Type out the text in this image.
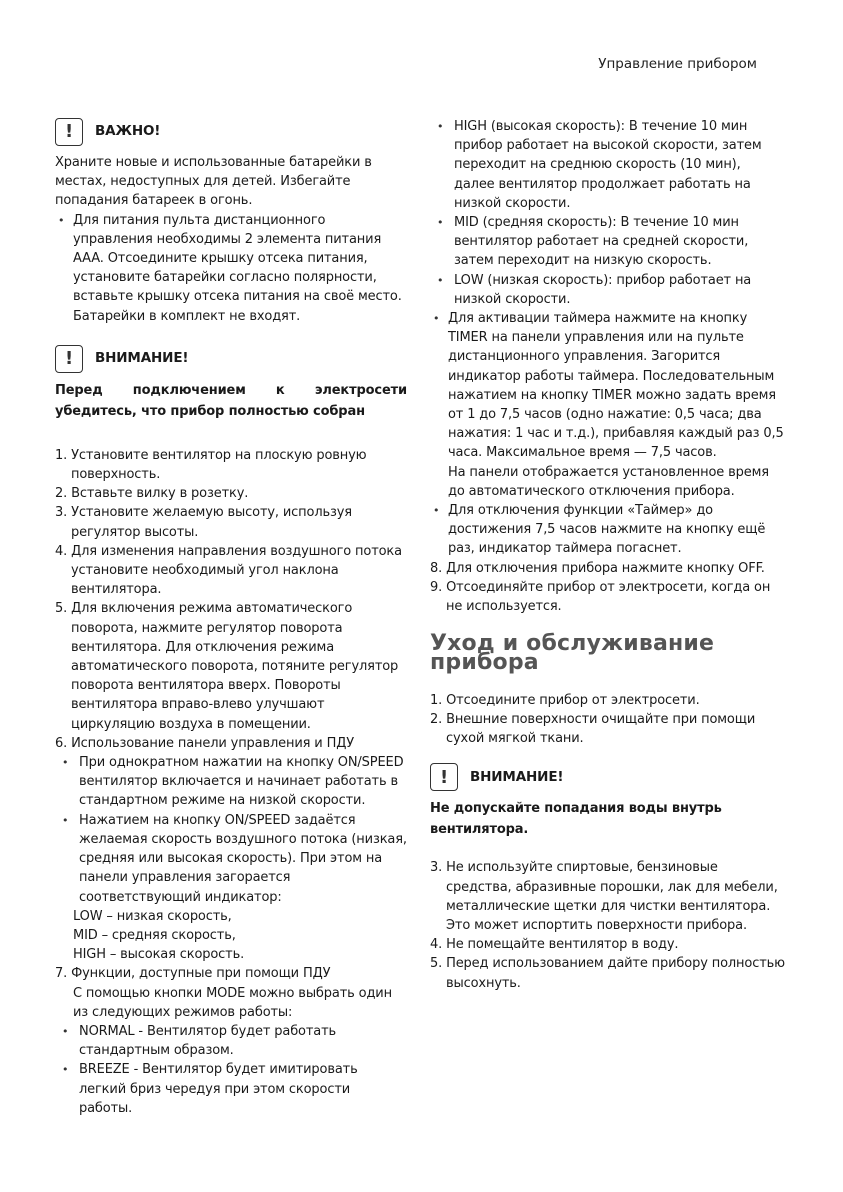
Управление прибором
!	ВАЖНО!

Храните новые и использованные батарейки в местах, недоступных для детей. Избегайте попадания батареек в огонь.

• Для питания пульта дистанционного управления необходимы 2 элемента питания AAA. Отсоедините крышку отсека питания, установите батарейки согласно полярности, вставьте крышку отсека питания на своё место. Батарейки в комплект не входят.

!	ВНИМАНИЕ!

Перед подключением к электросети убедитесь, что прибор полностью собран

1. Установите вентилятор на плоскую ровную поверхность.

2. Вставьте вилку в розетку.

3. Установите желаемую высоту, используя регулятор высоты.

4. Для изменения направления воздушного потока установите необходимый угол наклона вентилятора.

5. Для включения режима автоматического поворота, нажмите регулятор поворота вентилятора. Для отключения режима автоматического поворота, потяните регулятор поворота вентилятора вверх. Повороты вентилятора вправо-влево улучшают циркуляцию воздуха в помещении.

6. Использование панели управления и ПДУ

• При однократном нажатии на кнопку ON/SPEED вентилятор включается и начинает работать в стандартном режиме на низкой скорости.

• Нажатием на кнопку ON/SPEED задаётся желаемая скорость воздушного потока (низкая, средняя или высокая скорость). При этом на панели управления загорается соответствующий индикатор:

LOW – низкая скорость,

MID – средняя скорость,

HIGH – высокая скорость.

7. Функции, доступные при помощи ПДУ

С помощью кнопки MODE можно выбрать один из следующих режимов работы:

• NORMAL - Вентилятор будет работать стандартным образом.

• BREEZE - Вентилятор будет имитировать легкий бриз чередуя при этом скорости работы.

• HIGH (высокая скорость): В течение 10 мин прибор работает на высокой скорости, затем переходит на среднюю скорость (10 мин), далее вентилятор продолжает работать на низкой скорости.

• MID (средняя скорость): В течение 10 мин вентилятор работает на средней скорости, затем переходит на низкую скорость.

• LOW (низкая скорость): прибор работает на низкой скорости.

• Для активации таймера нажмите на кнопку TIMER на панели управления или на пульте дистанционного управления. Загорится индикатор работы таймера. Последовательным нажатием на кнопку TIMER можно задать время от 1 до 7,5 часов (одно нажатие: 0,5 часа; два нажатия: 1 час и т.д.), прибавляя каждый раз 0,5 часа. Максимальное время — 7,5 часов.

На панели отображается установленное время до автоматического отключения прибора.

• Для отключения функции «Таймер» до достижения 7,5 часов нажмите на кнопку ещё раз, индикатор таймера погаснет.

8. Для отключения прибора нажмите кнопку OFF.

9. Отсоединяйте прибор от электросети, когда он не используется.

Уход и обслуживание прибора

1. Отсоедините прибор от электросети.

2. Внешние поверхности очищайте при помощи сухой мягкой ткани.

!	ВНИМАНИЕ!

Не допускайте попадания воды внутрь вентилятора.

3. Не используйте спиртовые, бензиновые средства, абразивные порошки, лак для мебели, металлические щетки для чистки вентилятора. Это может испортить поверхности прибора.

4. Не помещайте вентилятор в воду.

5. Перед использованием дайте прибору полностью высохнуть.
